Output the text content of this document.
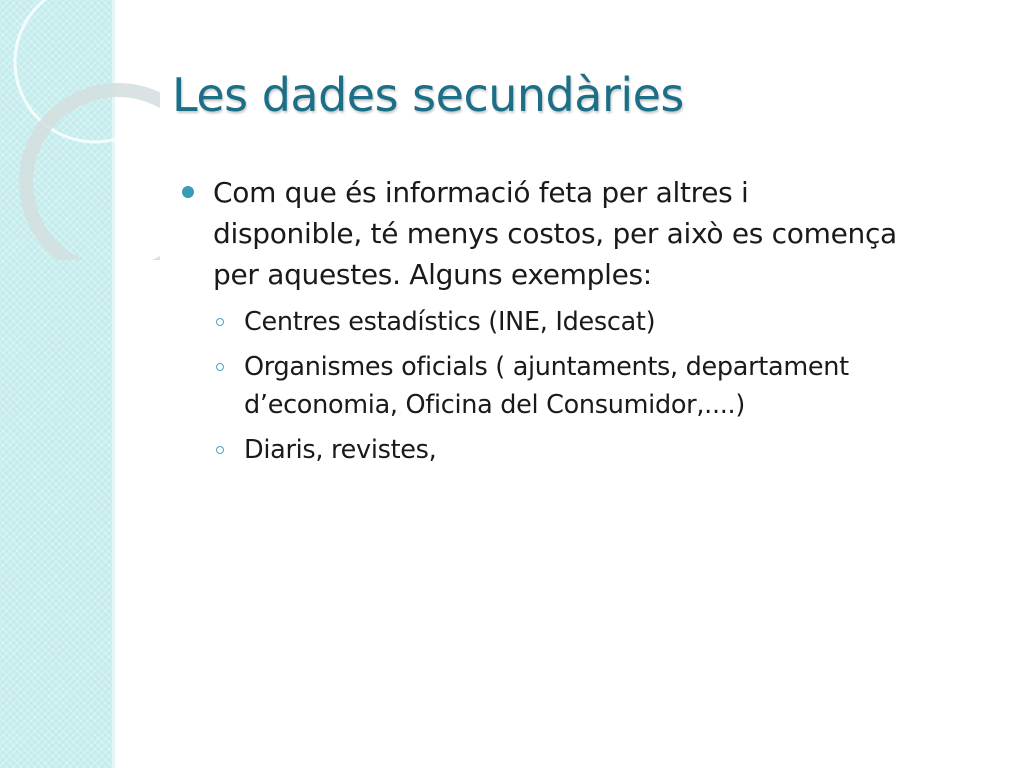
Les dades secundàries
Com que és informació feta per altres i disponible, té menys costos, per això es comença per aquestes. Alguns exemples:
Centres estadístics (INE, Idescat)
Organismes oficials ( ajuntaments, departament d’economia, Oficina del Consumidor,....)
Diaris, revistes,
